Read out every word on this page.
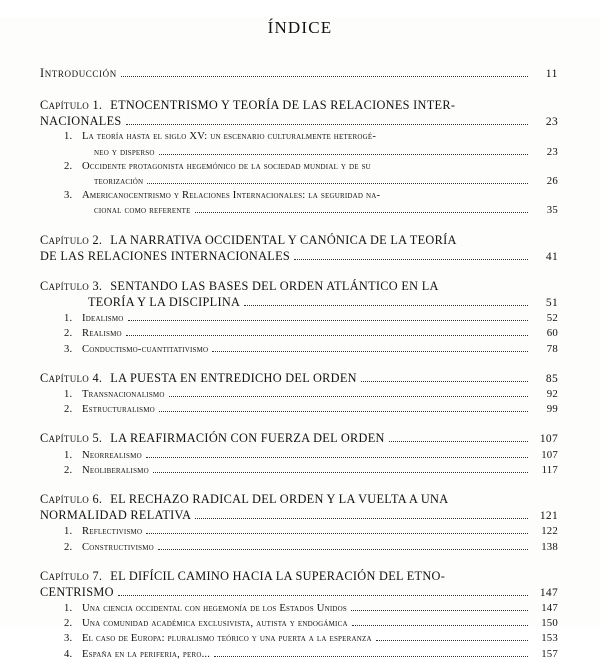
ÍNDICE
Introducción	11
Capítulo 1. ETNOCENTRISMO Y TEORÍA DE LAS RELACIONES INTER-
NACIONALES	23
1. La teoría hasta el siglo XV: un escenario culturalmente heterogé-
neo y disperso	23
2. Occidente protagonista hegemónico de la sociedad mundial y de su
teorización	26
3. Americanocentrismo y Relaciones Internacionales: la seguridad na-
cional como referente	35
Capítulo 2. LA NARRATIVA OCCIDENTAL Y CANÓNICA DE LA TEORÍA
DE LAS RELACIONES INTERNACIONALES	41
Capítulo 3. SENTANDO LAS BASES DEL ORDEN ATLÁNTICO EN LA
TEORÍA Y LA DISCIPLINA	51
1. Idealismo	52
2. Realismo	60
3. Conductismo-cuantitativismo	78
Capítulo 4. LA PUESTA EN ENTREDICHO DEL ORDEN	85
1. Transnacionalismo	92
2. Estructuralismo	99
Capítulo 5. LA REAFIRMACIÓN CON FUERZA DEL ORDEN	107
1. Neorrealismo	107
2. Neoliberalismo	117
Capítulo 6. EL RECHAZO RADICAL DEL ORDEN Y LA VUELTA A UNA
NORMALIDAD RELATIVA	121
1. Reflectivismo	122
2. Constructivismo	138
Capítulo 7. EL DIFÍCIL CAMINO HACIA LA SUPERACIÓN DEL ETNO-
CENTRISMO	147
1. Una ciencia occidental con hegemonía de los Estados Unidos	147
2. Una comunidad académica exclusivista, autista y endogámica	150
3. El caso de Europa: pluralismo teórico y una puerta a la esperanza	153
4. España en la periferia, pero...	157
